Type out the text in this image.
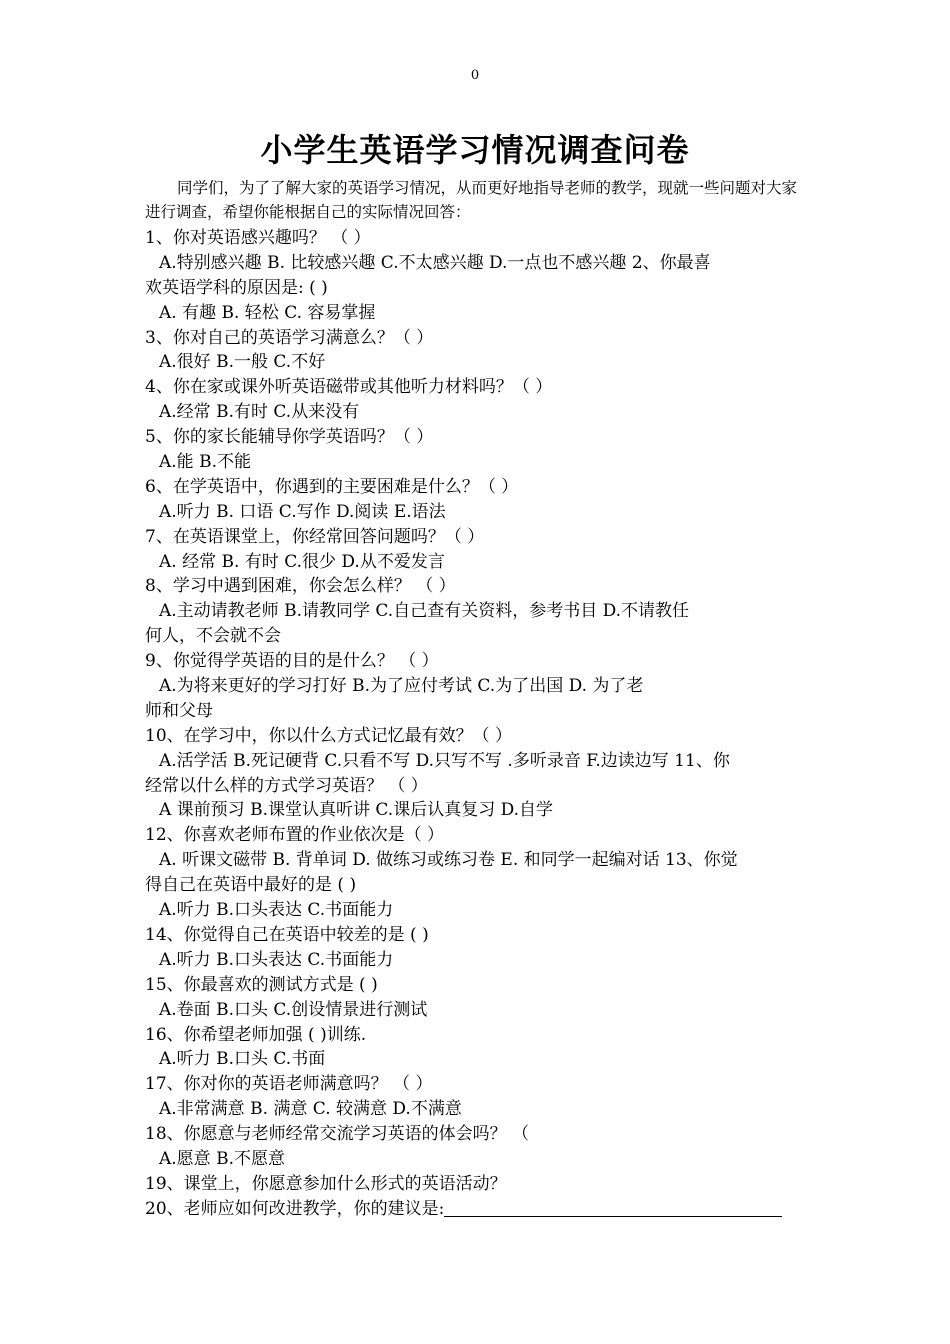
0
小学生英语学习情况调查问卷
同学们，为了了解大家的英语学习情况，从而更好地指导老师的教学，现就一些问题对大家进行调查，希望你能根据自己的实际情况回答：
1、你对英语感兴趣吗？ （ ）
A.特别感兴趣 B. 比较感兴趣 C.不太感兴趣 D.一点也不感兴趣 2、你最喜
欢英语学科的原因是: ( )
A. 有趣 B. 轻松 C. 容易掌握
3、你对自己的英语学习满意么？（ ）
A.很好 B.一般 C.不好
4、你在家或课外听英语磁带或其他听力材料吗？（ ）
A.经常 B.有时 C.从来没有
5、你的家长能辅导你学英语吗？（ ）
A.能 B.不能
6、在学英语中，你遇到的主要困难是什么？（ ）
A.听力 B. 口语 C.写作 D.阅读 E.语法
7、在英语课堂上，你经常回答问题吗？（ ）
A. 经常 B. 有时 C.很少 D.从不爱发言
8、学习中遇到困难，你会怎么样？ （ ）
A.主动请教老师 B.请教同学 C.自己查有关资料，参考书目 D.不请教任
何人，不会就不会
9、你觉得学英语的目的是什么？ （ ）
A.为将来更好的学习打好 B.为了应付考试 C.为了出国 D. 为了老
师和父母
10、在学习中，你以什么方式记忆最有效？（ ）
A.活学活 B.死记硬背 C.只看不写 D.只写不写 .多听录音 F.边读边写 11、你
经常以什么样的方式学习英语？ （ ）
A 课前预习 B.课堂认真听讲 C.课后认真复习 D.自学
12、你喜欢老师布置的作业依次是（ ）
A. 听课文磁带 B. 背单词 D. 做练习或练习卷 E. 和同学一起编对话 13、你觉
得自己在英语中最好的是 ( )
A.听力 B.口头表达 C.书面能力
14、你觉得自己在英语中较差的是 ( )
A.听力 B.口头表达 C.书面能力
15、你最喜欢的测试方式是 ( )
A.卷面 B.口头 C.创设情景进行测试
16、你希望老师加强 ( )训练.
A.听力 B.口头 C.书面
17、你对你的英语老师满意吗？ （ ）
A.非常满意 B. 满意 C. 较满意 D.不满意
18、你愿意与老师经常交流学习英语的体会吗？ （
A.愿意 B.不愿意
19、课堂上，你愿意参加什么形式的英语活动？
20、老师应如何改进教学，你的建议是:
